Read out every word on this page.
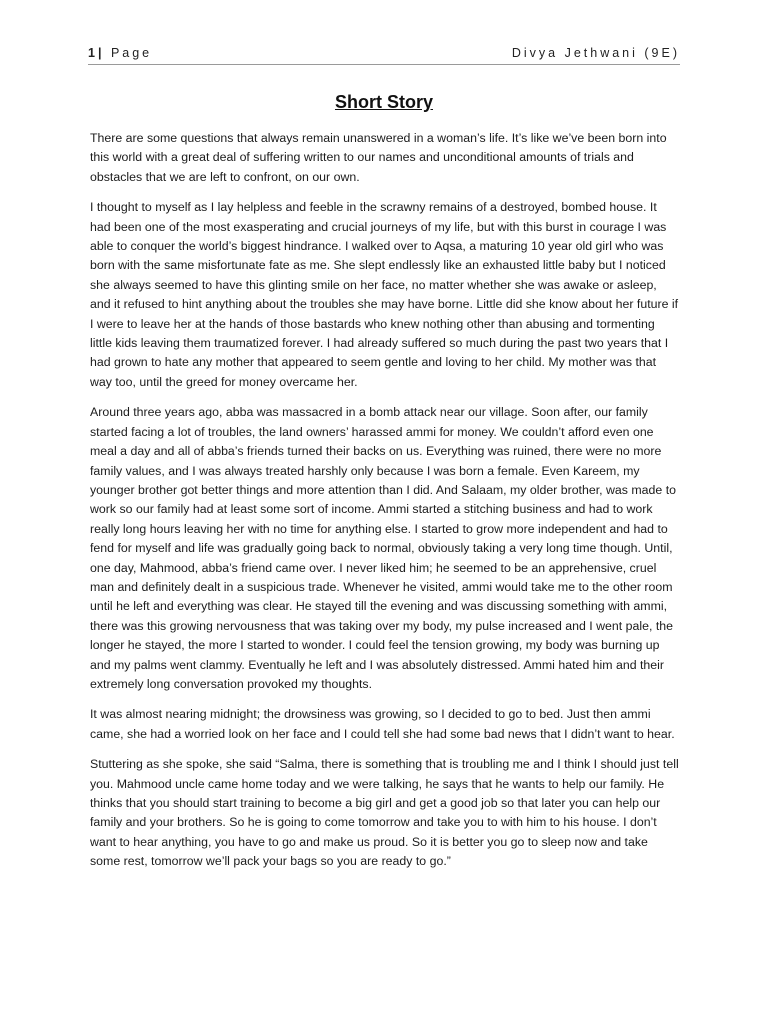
1| Page	Divya Jethwani (9E)
Short Story

There are some questions that always remain unanswered in a woman’s life. It’s like we’ve been born into this world with a great deal of suffering written to our names and unconditional amounts of trials and obstacles that we are left to confront, on our own.

I thought to myself as I lay helpless and feeble in the scrawny remains of a destroyed, bombed house. It had been one of the most exasperating and crucial journeys of my life, but with this burst in courage I was able to conquer the world’s biggest hindrance. I walked over to Aqsa, a maturing 10 year old girl who was born with the same misfortunate fate as me. She slept endlessly like an exhausted little baby but I noticed she always seemed to have this glinting smile on her face, no matter whether she was awake or asleep, and it refused to hint anything about the troubles she may have borne. Little did she know about her future if I were to leave her at the hands of those bastards who knew nothing other than abusing and tormenting little kids leaving them traumatized forever. I had already suffered so much during the past two years that I had grown to hate any mother that appeared to seem gentle and loving to her child. My mother was that way too, until the greed for money overcame her.

Around three years ago, abba was massacred in a bomb attack near our village. Soon after, our family started facing a lot of troubles, the land owners’ harassed ammi for money. We couldn’t afford even one meal a day and all of abba’s friends turned their backs on us. Everything was ruined, there were no more family values, and I was always treated harshly only because I was born a female. Even Kareem, my younger brother got better things and more attention than I did. And Salaam, my older brother, was made to work so our family had at least some sort of income. Ammi started a stitching business and had to work really long hours leaving her with no time for anything else. I started to grow more independent and had to fend for myself and life was gradually going back to normal, obviously taking a very long time though. Until, one day, Mahmood, abba’s friend came over. I never liked him; he seemed to be an apprehensive, cruel man and definitely dealt in a suspicious trade. Whenever he visited, ammi would take me to the other room until he left and everything was clear. He stayed till the evening and was discussing something with ammi, there was this growing nervousness that was taking over my body, my pulse increased and I went pale, the longer he stayed, the more I started to wonder. I could feel the tension growing, my body was burning up and my palms went clammy. Eventually he left and I was absolutely distressed. Ammi hated him and their extremely long conversation provoked my thoughts.

It was almost nearing midnight; the drowsiness was growing, so I decided to go to bed. Just then ammi came, she had a worried look on her face and I could tell she had some bad news that I didn’t want to hear.

Stuttering as she spoke, she said “Salma, there is something that is troubling me and I think I should just tell you. Mahmood uncle came home today and we were talking, he says that he wants to help our family. He thinks that you should start training to become a big girl and get a good job so that later you can help our family and your brothers. So he is going to come tomorrow and take you to with him to his house. I don’t want to hear anything, you have to go and make us proud. So it is better you go to sleep now and take some rest, tomorrow we’ll pack your bags so you are ready to go.”
